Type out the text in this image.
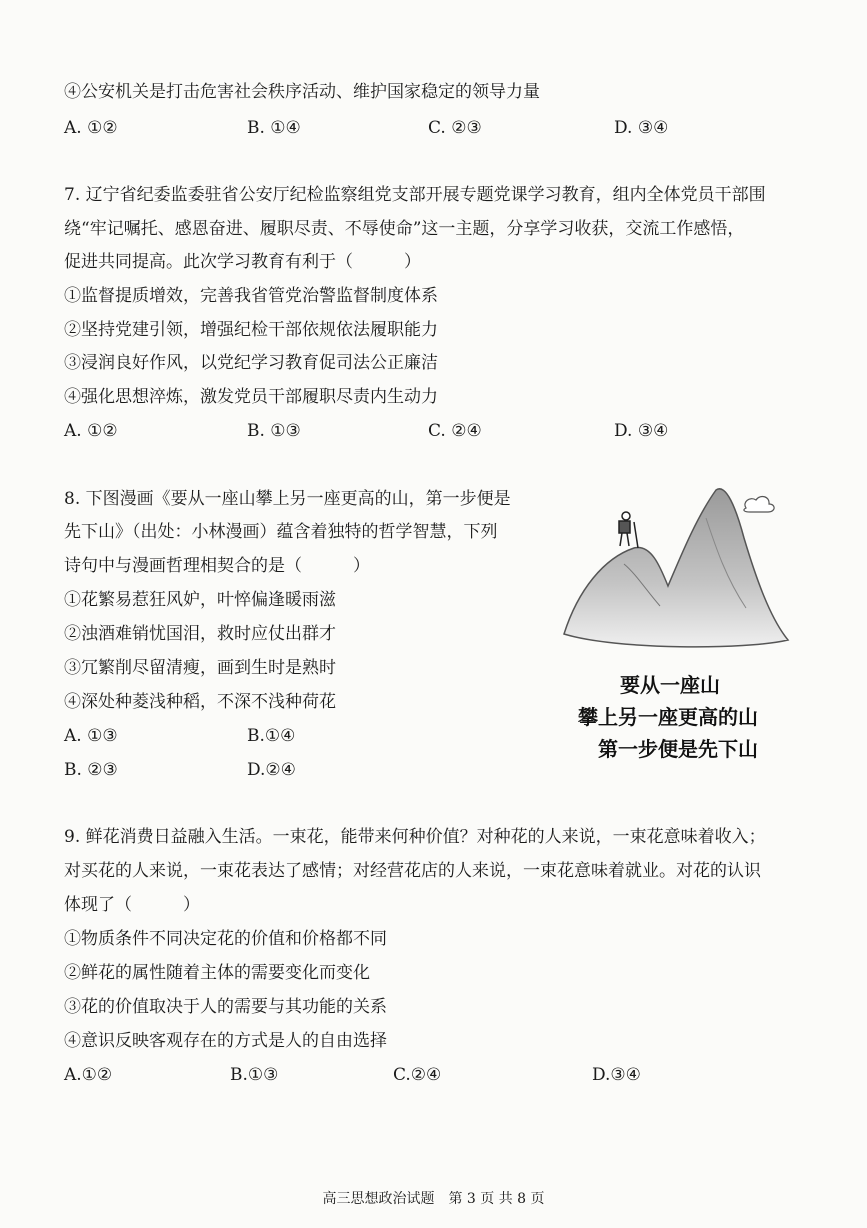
④公安机关是打击危害社会秩序活动、维护国家稳定的领导力量
A. ①②	B. ①④	C. ②③	D. ③④
7. 辽宁省纪委监委驻省公安厅纪检监察组党支部开展专题党课学习教育，组内全体党员干部围
绕“牢记嘱托、感恩奋进、履职尽责、不辱使命”这一主题，分享学习收获，交流工作感悟，
促进共同提高。此次学习教育有利于（　　　）
①监督提质增效，完善我省管党治警监督制度体系
②坚持党建引领，增强纪检干部依规依法履职能力
③浸润良好作风，以党纪学习教育促司法公正廉洁
④强化思想淬炼，激发党员干部履职尽责内生动力
A. ①②	B. ①③	C. ②④	D. ③④
8. 下图漫画《要从一座山攀上另一座更高的山，第一步便是
先下山》（出处：小林漫画）蕴含着独特的哲学智慧，下列
诗句中与漫画哲理相契合的是（　　　）
①花繁易惹狂风妒，叶悴偏逢暖雨滋
②浊酒难销忧国泪，救时应仗出群才
③冗繁削尽留清瘦，画到生时是熟时
④深处种菱浅种稻，不深不浅种荷花
A. ①③	B.①④
B. ②③	D.②④
要从一座山
攀上另一座更高的山
第一步便是先下山
9. 鲜花消费日益融入生活。一束花，能带来何种价值？对种花的人来说，一束花意味着收入；
对买花的人来说，一束花表达了感情；对经营花店的人来说，一束花意味着就业。对花的认识
体现了（　　　）
①物质条件不同决定花的价值和价格都不同
②鲜花的属性随着主体的需要变化而变化
③花的价值取决于人的需要与其功能的关系
④意识反映客观存在的方式是人的自由选择
A.①②	B.①③	C.②④	D.③④
高三思想政治试题　第 3 页 共 8 页
